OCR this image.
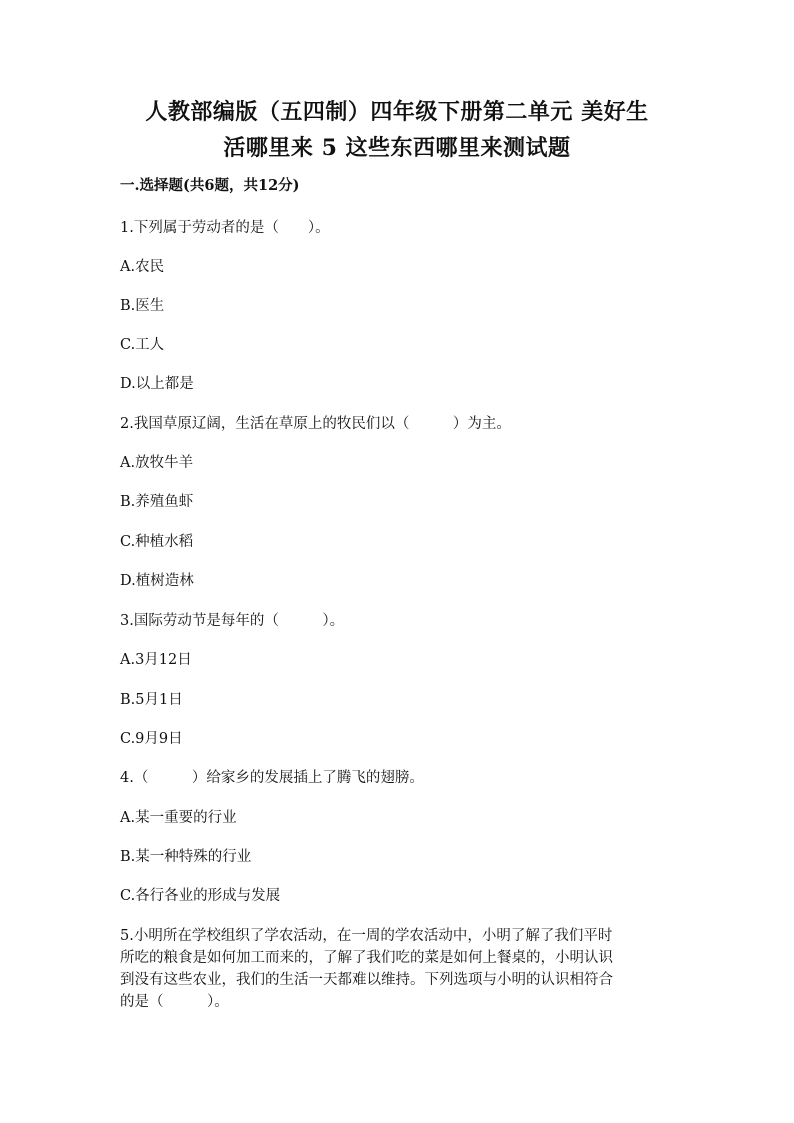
人教部编版（五四制）四年级下册第二单元 美好生
活哪里来 5 这些东西哪里来测试题
一.选择题(共6题，共12分)
1.下列属于劳动者的是（　　）。
A.农民
B.医生
C.工人
D.以上都是
2.我国草原辽阔，生活在草原上的牧民们以（　　　）为主。
A.放牧牛羊
B.养殖鱼虾
C.种植水稻
D.植树造林
3.国际劳动节是每年的（　　　）。
A.3月12日
B.5月1日
C.9月9日
4.（　　　）给家乡的发展插上了腾飞的翅膀。
A.某一重要的行业
B.某一种特殊的行业
C.各行各业的形成与发展
5.小明所在学校组织了学农活动，在一周的学农活动中，小明了解了我们平时
所吃的粮食是如何加工而来的，了解了我们吃的菜是如何上餐桌的，小明认识
到没有这些农业，我们的生活一天都难以维持。下列选项与小明的认识相符合
的是（　　　）。
